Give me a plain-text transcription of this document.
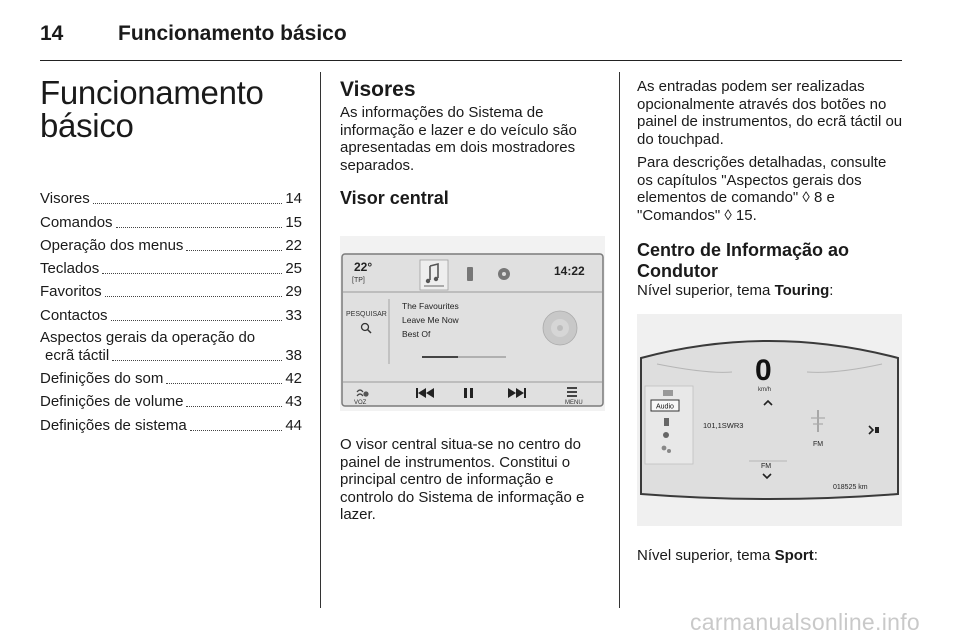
14	Funcionamento básico
Funcionamento
básico
Visores	14
Comandos	15
Operação dos menus	22
Teclados	25
Favoritos	29
Contactos	33
Aspectos gerais da operação do
ecrã táctil	38
Definições do som	42
Definições de volume	43
Definições de sistema	44
Visores

As informações do Sistema de informação e lazer e do veículo são apresentadas em dois mostradores separados.

Visor central
22°
[TP]
14:22
PESQUISAR
The Favourites
Leave Me Now
Best Of
VOZ	MENU

O visor central situa-se no centro do painel de instrumentos. Constitui o principal centro de informação e controlo do Sistema de informação e lazer.

As entradas podem ser realizadas opcionalmente através dos botões no painel de instrumentos, do ecrã táctil ou do touchpad.

Para descrições detalhadas, consulte os capítulos "Aspectos gerais dos elementos de comando" ◊ 8 e "Comandos" ◊ 15.

Centro de Informação ao
Condutor

Nível superior, tema Touring:

0
km/h
Audio
101,1SWR3
FM
FM
018525 km

Nível superior, tema Sport:

carmanualsonline.info
